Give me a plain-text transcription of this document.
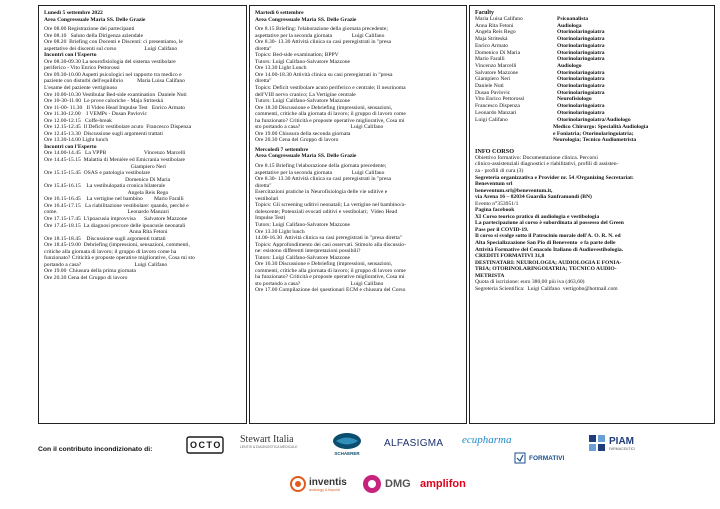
Lunedì 5 settembre 2022
Area Congressuale Maria SS. Delle Grazie
Ore 08.00 Registrazione dei partecipanti
Ore 08.10   Saluto della Dirigenza aziendale
Ore 08.20  Briefing con Docenti e Discenti: ci presentiamo, le
aspettative dei discenti sul corso                    Luigi Califano
Incontri con l'Esperto
Ore 08.30-09.30 La neurofisiologia del sistema vestibolare
periferico - Vito Enrico Pettorossi
Ore 09.30-10.00 Aspetti psicologici nel rapporto tra medico e
paziente con disturbi dell'equilibrio          Maria Luisa Califano
L'esame del paziente vertiginoso
Ore 10.00-10.30 Vestibular Bed-side examination  Daniele Nuti
Ore 10-30-11.00  Le prove caloriche - Maja Striteská
Ore 11-00- 11.30   Il Video Head Impulse Test   Enrico Armato
Ore 11.30-12.00    I VEMPs - Dusan Pavlovic
Ore 12.00-12.15   Coffe-break
Ore 12.15-12.45  Il Deficit vestibolare acuto  Francesco Dispenza
Ore 12.45-13.30  Discussione sugli argomenti trattati
Ore 13.30-14.00 Light lunch
Incontri con l'Esperto
Ore 14.00-14.45   La VPPB                           Vincenzo Marcelli
Ore 14.45-15.15  Malattia di Menière ed Emicrania vestibolare
Giampiero Neri
Ore 15.15-15.45  OSAS e patologia vestibolare
Domenico Di Maria
Ore 15.45-16.15    La vestibulopatia cronica bilaterale
Angela Reis Rego
Ore 16.15-16.45    La vertigine nel bambino        Mario Faralli
Ore 16.45-17.15   La riabilitazione vestibolare: quando, perché e
come.                                                  Leonardo Manzari
Ore 17.15-17.45  L'ipoacusia improvvisa      Salvatore Mazzone
Ore 17.45-18.15  La diagnosi precoce delle ipoacusie neonatali
Anna Rita Fetoni
Ore 18.15-18.45    Discussione sugli argomenti trattati
Ore 18.45-19.00  Debriefing (impressioni, sensazioni, commenti,
critiche alla giornata di lavoro; il gruppo di lavoro come ha
funzionato? Criticità e proposte operative migliorative, Cosa mi sto
portando a casa?                                      Luigi Califano
Ore 19.00  Chiusura della prima giornata
Ore 20.30 Cena del Gruppo di lavoro
Martedì 6 settembre
Area Congressuale Maria SS. Delle Grazie
Ore 8.15 Briefing: l'elaborazione della giornata precedente;
aspettative per la seconda giornata              Luigi Califano
Ore 8.30- 13.30 Attività clinica su casi preregistrati in "presa
diretta"
Topics: Bed-side examination; BPPV
Tutors: Luigi Califano-Salvatore Mazzone
Ore 13.30 Light Lunch
Ore 14.00-18.30 Attività clinica su casi preregistrati in "presa
diretta"
Topics: Deficit vestibolare acuto periferico e centrale; Il neurinoma
dell'VIII nervo cranico; La Vertigine centrale
Tutors: Luigi Califano-Salvatore Mazzone
Ore 18.30 Discussione e Debriefing (impressioni, sensazioni,
commenti, critiche alla giornata di lavoro; il gruppo di lavoro come
ha funzionato? Criticità e proposte operative migliorative, Cosa mi
sto portando a casa?                                    Luigi Califano
Ore 19.00 Chiusura della seconda giornata
Ore 20.30 Cena del Gruppo di lavoro
Mercoledì 7 settembre
Area Congressuale Maria SS. Delle Grazie
Ore 8.15 Briefing l'elaborazione della giornata precedente;
aspettative per la seconda giornata              Luigi Califano
Ore 8.30- 13.30 Attività clinica su casi preregistrati in "presa
diretta"
Esercitazioni pratiche in Neurofisiologia delle vie uditive e
vestibolari
Topics: Gli screening uditivi neonatali; La vertigine nel bambino/a-
dolescente; Potenziali evocati uditivi e vestibolari;  Video Head
Impulse Test)
Tutors: Luigi Califano-Salvatore Mazzone
Ore 13.30 Light lunch
14.00-16.30  Attività clinica su casi preregistrati in "presa diretta"
Topics: Approfondimento dei casi osservati. Stimolo alla discussio-
ne: esistono differenti interpretazioni possibili?
Tutors: Luigi Califano-Salvatore Mazzone
Ore 16.30 Discussione e Debriefing (impressioni, sensazioni,
commenti, critiche alla giornata di lavoro; il gruppo di lavoro come
ha funzionato? Criticità e proposte operative migliorative, Cosa mi
sto portando a casa?                                    Luigi Califano
Ore 17.00 Compilazione dei questionari ECM e chiusura del Corso
Faculty
Maria Luisa Califano	Psicoanalista
Anna Rita Fetoni	Audiologa
Angela Reis Rego	Otorinolaringoiatra
Maja Striteská	Otorinolaringoiatra
Enrico Armato	Otorinolaringoiatra
Domenico Di Maria	Otorinolaringoiatra
Mario Faralli	Otorinolaringoiatra
Vincenzo Marcelli	Audiologo
Salvatore Mazzone	Otorinolaringoiatra
Giampiero Neri	Otorinolaringoiatra
Daniele Nuti	Otorinolaringoiatra
Dusan Pavlovic	Otorinolaringoiatra
Vito Enrico Pettorossi	Neurofisiologo
Francesco Dispenza	Otorinolaringoiatra
Leonardo Manzari	Otorinolaringoiatra
Luigi Califano	Otorinolaringoiatra/Audiologo
Medico Chirurgo: Specialità Audiologia
e Foniatria; Otorinolaringoiatria;
Neurologia; Tecnico Audiometrista
INFO CORSO
Obiettivo formativo: Documentazione clinica. Percorsi
clinico-assistenziali diagnostici e riabilitativi, profili di assisten-
za - profili di cura (3)
Segreteria organizzativa e Provider nr. 54 /Organizing Secretariat:
Beneventum srl
beneventum.srl@beneventum.it,
via Arena 16 – 82034 Guardia Sanframondi (BN)
Evento n°353951/1
Pagina facebook
XI Corso teorico pratico di audiologia e vestibologia
La partecipazione al corso è subordinata al possesso del Green
Pass per il COVID-19.
Il corso si svolge sotto il Patrocinio morale dell'A. O. R. N. ed
Alta Specializzazione San Pio di Benevento  e fa parte delle
Attività Formative del Cenacolo Italiano di Audiovestibologia.
CREDITI FORMATIVI 31,8
DESTINATARI: NEUROLOGIA; AUDIOLOGIA E FONIA-
TRIA; OTORINOLARINGOIATRIA; TECNICO AUDIO-
METRISTA
Quota di iscrizione: euro 380,00 più iva (463,60)
Segreteria Scientifica:  Luigi Califano  vertigobn@hotmail.com
Con il contributo incondizionato di:	OCTO Stewart Italia
LENTIS & DIAGNOSTICA MEDICALE
SCHAERER
ALFASIGMA ecupharma
FORMATIVI
PIAM
FARMACEUTICI
inventis
audiology & beyond	DMG amplifon
